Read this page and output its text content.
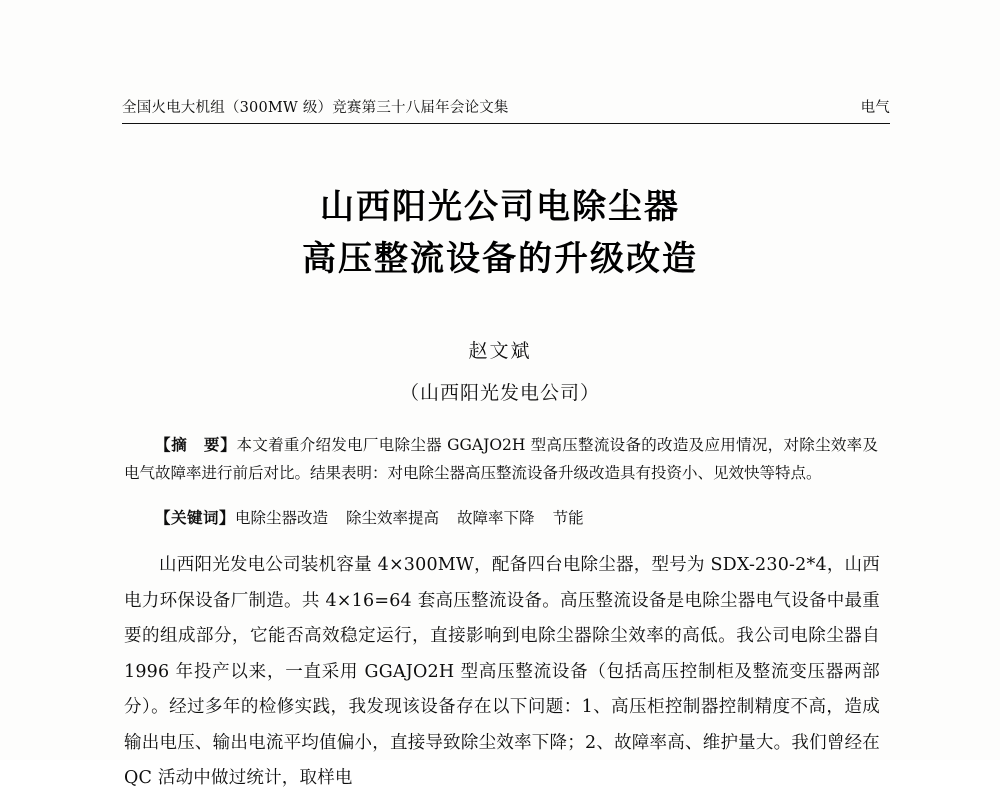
全国火电大机组（300MW 级）竞赛第三十八届年会论文集	电气
山西阳光公司电除尘器
高压整流设备的升级改造
赵文斌
（山西阳光发电公司）

【摘　要】本文着重介绍发电厂电除尘器 GGAJO2H 型高压整流设备的改造及应用情况，对除尘效率及电气故障率进行前后对比。结果表明：对电除尘器高压整流设备升级改造具有投资小、见效快等特点。

【关键词】电除尘器改造 除尘效率提高 故障率下降 节能

山西阳光发电公司装机容量 4×300MW，配备四台电除尘器，型号为 SDX-230-2*4，山西电力环保设备厂制造。共 4×16=64 套高压整流设备。高压整流设备是电除尘器电气设备中最重要的组成部分，它能否高效稳定运行，直接影响到电除尘器除尘效率的高低。我公司电除尘器自 1996 年投产以来，一直采用 GGAJO2H 型高压整流设备（包括高压控制柜及整流变压器两部分）。经过多年的检修实践，我发现该设备存在以下问题：1、高压柜控制器控制精度不高，造成输出电压、输出电流平均值偏小，直接导致除尘效率下降；2、故障率高、维护量大。我们曾经在 QC 活动中做过统计，取样电
